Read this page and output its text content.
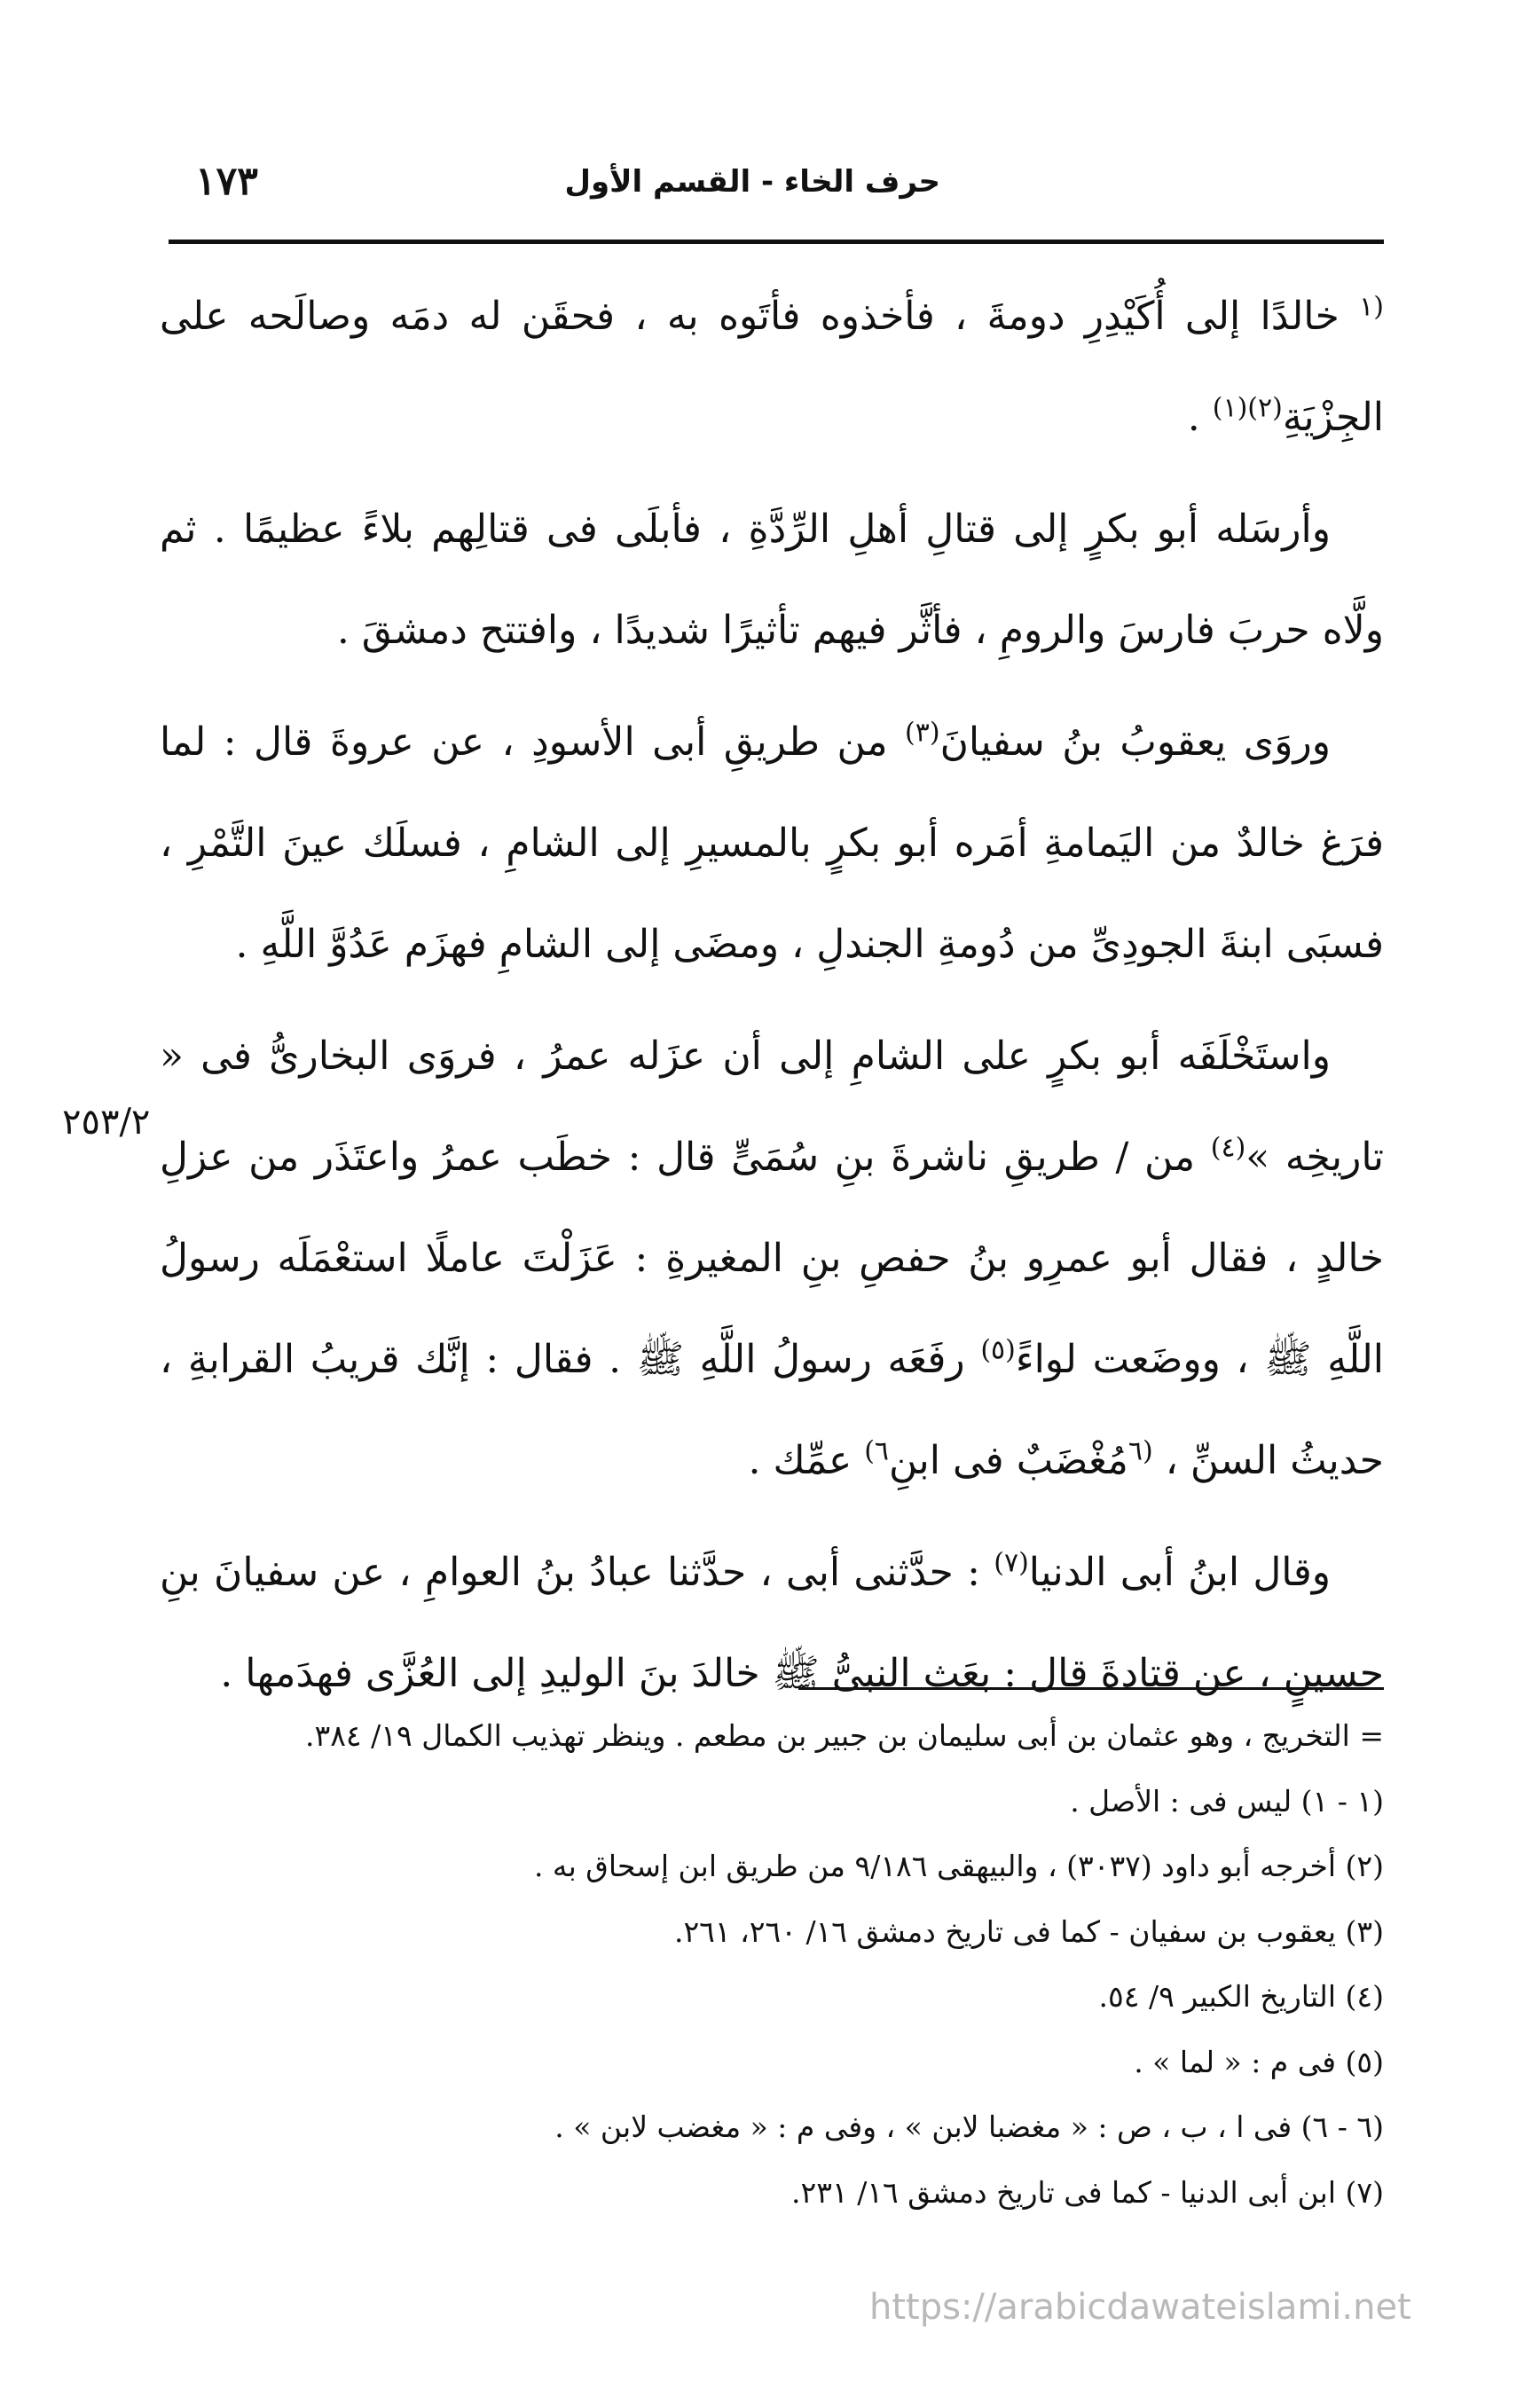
حرف الخاء - القسم الأول
١٧٣

$^{(١}$ خالدًا إلى أُكَيْدِرِ دومةَ ، فأخذوه فأتَوه به ، فحقَن له دمَه وصالَحه على الجِزْيَةِ$^{(٢)(١)}$ .

وأرسَله أبو بكرٍ إلى قتالِ أهلِ الرِّدَّةِ ، فأبلَى فى قتالِهم بلاءً عظيمًا . ثم ولَّاه حربَ فارسَ والرومِ ، فأثَّر فيهم تأثيرًا شديدًا ، وافتتح دمشقَ .

وروَى يعقوبُ بنُ سفيانَ$^{(٣)}$ من طريقِ أبى الأسودِ ، عن عروةَ قال : لما فرَغ خالدٌ من اليَمامةِ أمَره أبو بكرٍ بالمسيرِ إلى الشامِ ، فسلَك عينَ التَّمْرِ ، فسبَى ابنةَ الجودِىِّ من دُومةِ الجندلِ ، ومضَى إلى الشامِ فهزَم عَدُوَّ اللَّهِ .

واستَخْلَفَه أبو بكرٍ على الشامِ إلى أن عزَله عمرُ ، فروَى البخارىُّ فى « تاريخِه »$^{(٤)}$ من / طريقِ ناشرةَ بنِ سُمَىٍّ قال : خطَب عمرُ واعتَذَر من عزلِ خالدٍ ، فقال أبو عمرِو بنُ حفصِ بنِ المغيرةِ : عَزَلْتَ عاملًا استعْمَلَه رسولُ اللَّهِ ﷺ ، ووضَعت لواءً$^{(٥)}$ رفَعَه رسولُ اللَّهِ ﷺ . فقال : إنَّك قريبُ القرابةِ ، حديثُ السنِّ ، $^{(٦}$مُغْضَبٌ فى ابنِ$^{٦)}$ عمِّك .

وقال ابنُ أبى الدنيا$^{(٧)}$ : حدَّثنى أبى ، حدَّثنا عبادُ بنُ العوامِ ، عن سفيانَ بنِ حسينٍ ، عن قتادةَ قال : بعَث النبىُّ ﷺ خالدَ بنَ الوليدِ إلى العُزَّى فهدَمها .

٢٥٣/٢
= التخريج ، وهو عثمان بن أبى سليمان بن جبير بن مطعم . وينظر تهذيب الكمال ١٩/ ٣٨٤.
(١ - ١) ليس فى : الأصل .
(٢) أخرجه أبو داود (٣٠٣٧) ، والبيهقى ٩/١٨٦ من طريق ابن إسحاق به .
(٣) يعقوب بن سفيان - كما فى تاريخ دمشق ١٦/ ٢٦٠، ٢٦١.
(٤) التاريخ الكبير ٩/ ٥٤.
(٥) فى م : « لما » .
(٦ - ٦) فى ا ، ب ، ص : « مغضبا لابن » ، وفى م : « مغضب لابن » .
(٧) ابن أبى الدنيا - كما فى تاريخ دمشق ١٦/ ٢٣١.
https://arabicdawateislami.net
